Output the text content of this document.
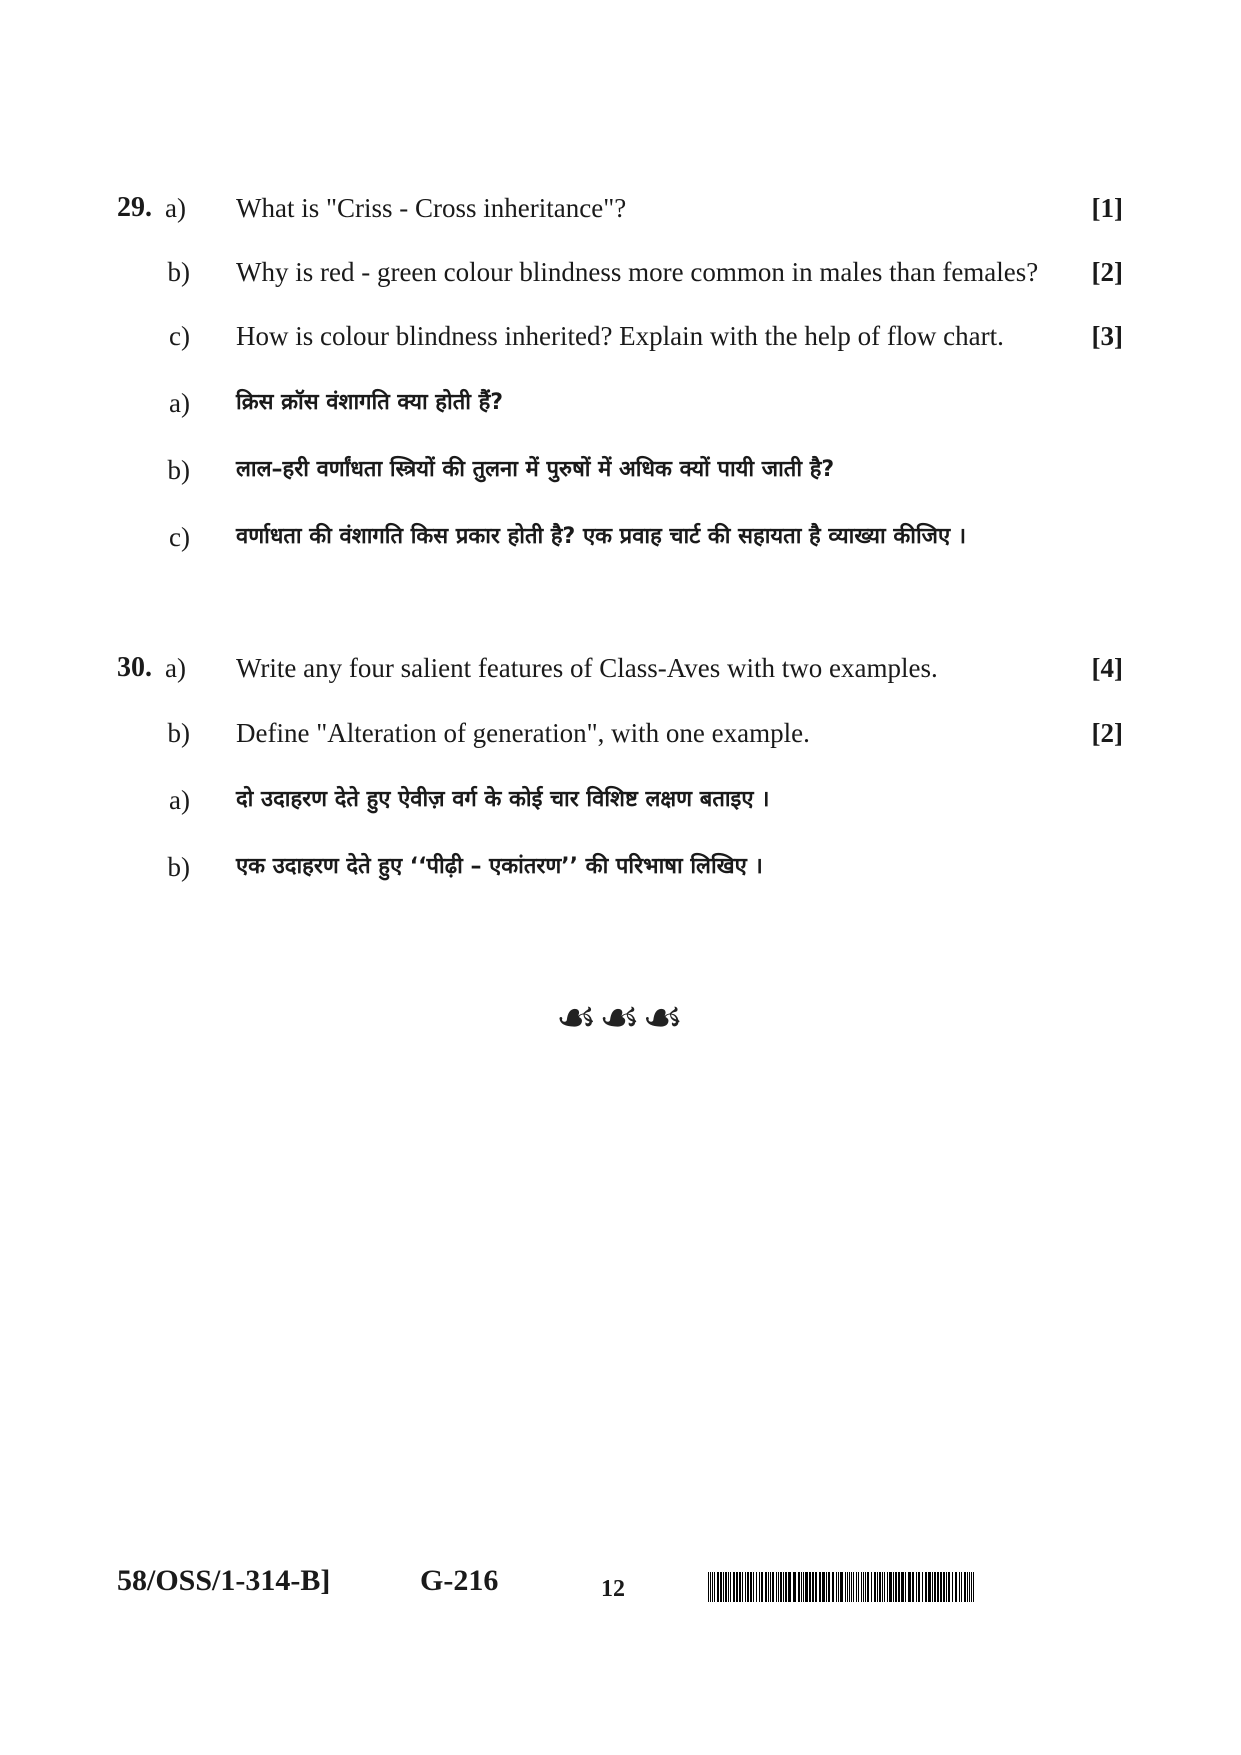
29. a) What is "Criss - Cross inheritance"?	[1]
b) Why is red - green colour blindness more common in males than females? [2]
c) How is colour blindness inherited? Explain with the help of flow chart.	[3]
a) क्रिस क्रॉस वंशागति क्या होती हैं?
b) लाल–हरी वर्णांधता स्त्रियों की तुलना में पुरुषों में अधिक क्यों पायी जाती है?
c) वर्णाधता की वंशागति किस प्रकार होती है? एक प्रवाह चार्ट की सहायता है व्याख्या कीजिए ।
30. a) Write any four salient features of Class-Aves with two examples.	[4]
b) Define "Alteration of generation", with one example.	[2]
a) दो उदाहरण देते हुए ऐवीज़ वर्ग के कोई चार विशिष्ट लक्षण बताइए ।
b) एक उदाहरण देते हुए ‘‘पीढ़ी – एकांतरण’’ की परिभाषा लिखिए ।
☙☙☙
58/OSS/1-314-B]	G-216	12
